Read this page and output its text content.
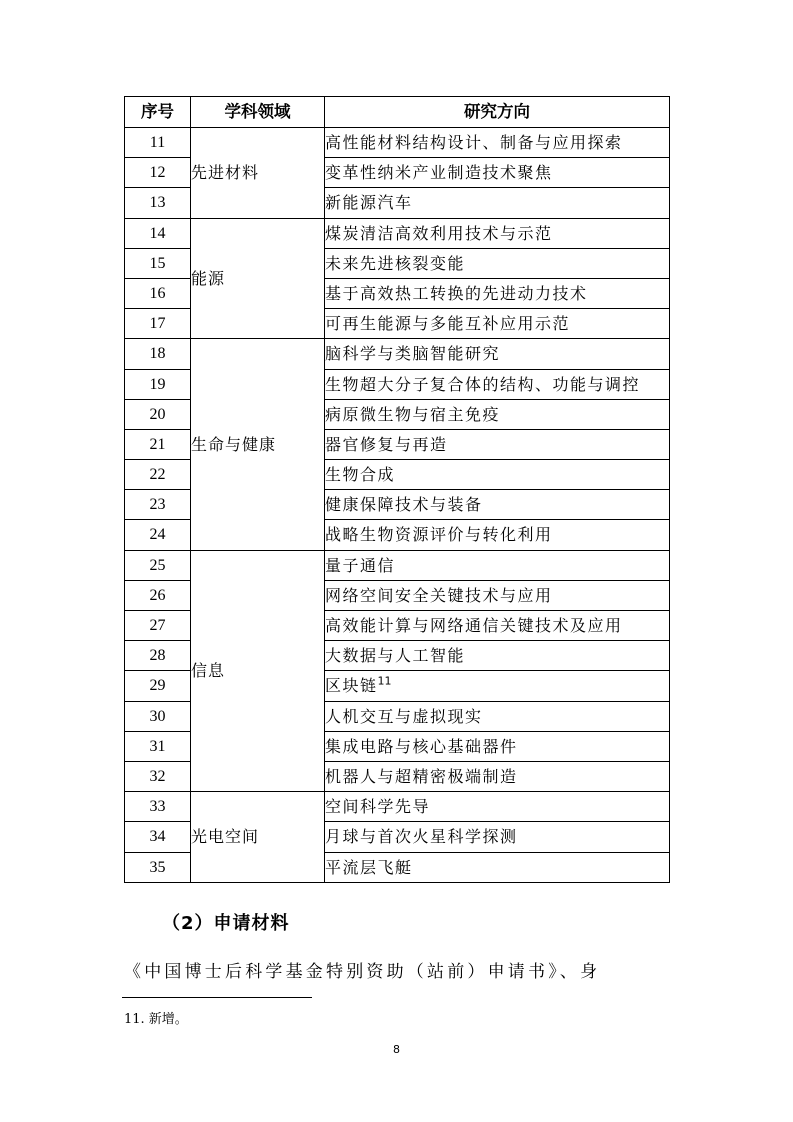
序号	学科领域	研究方向
11	先进材料	高性能材料结构设计、制备与应用探索
12		变革性纳米产业制造技术聚焦
13		新能源汽车
14	能源	煤炭清洁高效利用技术与示范
15		未来先进核裂变能
16		基于高效热工转换的先进动力技术
17		可再生能源与多能互补应用示范
18	生命与健康	脑科学与类脑智能研究
19		生物超大分子复合体的结构、功能与调控
20		病原微生物与宿主免疫
21		器官修复与再造
22		生物合成
23		健康保障技术与装备
24		战略生物资源评价与转化利用
25	信息	量子通信
26		网络空间安全关键技术与应用
27		高效能计算与网络通信关键技术及应用
28		大数据与人工智能
29		区块链$^{11}$
30		人机交互与虚拟现实
31		集成电路与核心基础器件
32		机器人与超精密极端制造
33	光电空间	空间科学先导
34		月球与首次火星科学探测
35		平流层飞艇
（2）申请材料

《中国博士后科学基金特别资助（站前）申请书》、身

11. 新增。

8
